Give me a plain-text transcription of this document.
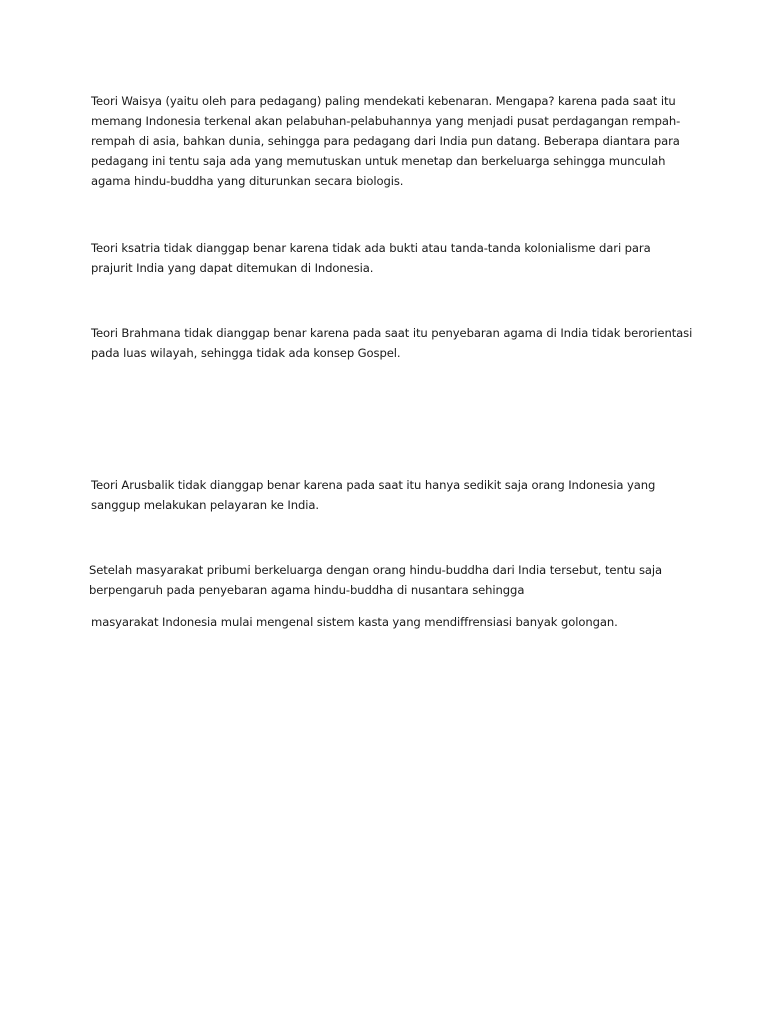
Teori Waisya (yaitu oleh para pedagang) paling mendekati kebenaran. Mengapa? karena pada saat itu
memang Indonesia terkenal akan pelabuhan-pelabuhannya yang menjadi pusat perdagangan rempah-
rempah di asia, bahkan dunia, sehingga para pedagang dari India pun datang. Beberapa diantara para
pedagang ini tentu saja ada yang memutuskan untuk menetap dan berkeluarga sehingga munculah
agama hindu-buddha yang diturunkan secara biologis.

Teori ksatria tidak dianggap benar karena tidak ada bukti atau tanda-tanda kolonialisme dari para
prajurit India yang dapat ditemukan di Indonesia.

Teori Brahmana tidak dianggap benar karena pada saat itu penyebaran agama di India tidak berorientasi
pada luas wilayah, sehingga tidak ada konsep Gospel.

Teori Arusbalik tidak dianggap benar karena pada saat itu hanya sedikit saja orang Indonesia yang
sanggup melakukan pelayaran ke India.

Setelah masyarakat pribumi berkeluarga dengan orang hindu-buddha dari India tersebut, tentu saja
berpengaruh pada penyebaran agama hindu-buddha di nusantara sehingga

masyarakat Indonesia mulai mengenal sistem kasta yang mendiffrensiasi banyak golongan.
